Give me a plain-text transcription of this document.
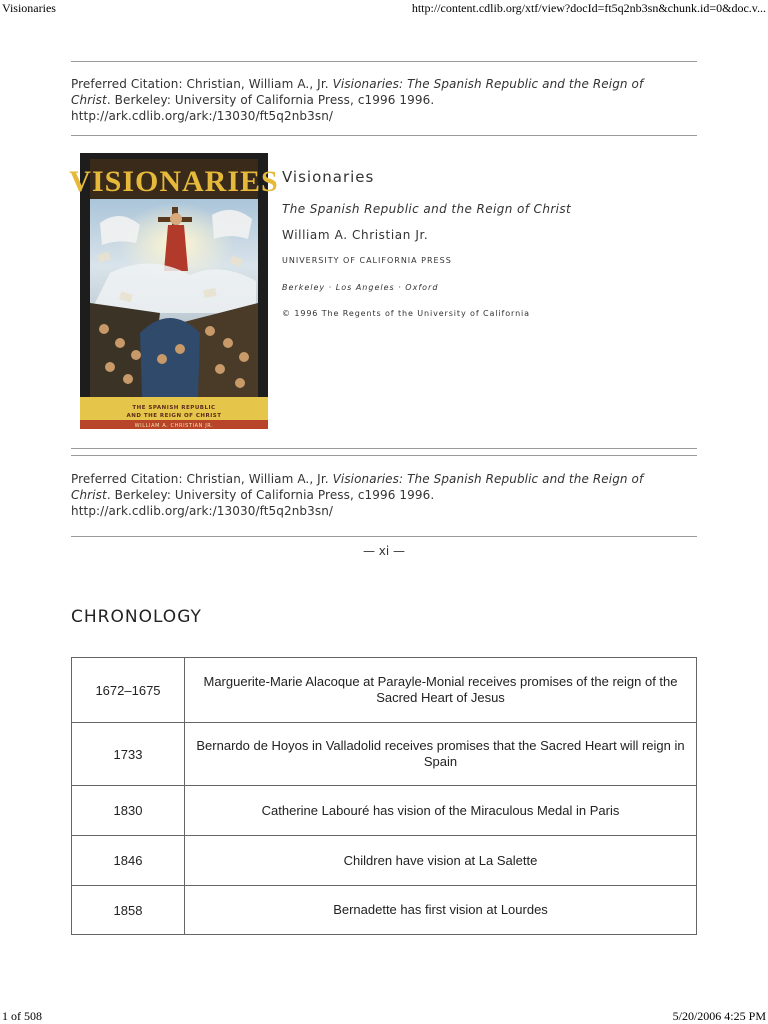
Visionaries	http://content.cdlib.org/xtf/view?docId=ft5q2nb3sn&chunk.id=0&doc.v...
Preferred Citation: Christian, William A., Jr. Visionaries: The Spanish Republic and the Reign of
Christ. Berkeley: University of California Press, c1996 1996.
http://ark.cdlib.org/ark:/13030/ft5q2nb3sn/
VISIONARIES
THE SPANISH REPUBLIC
AND THE REIGN OF CHRIST
WILLIAM A. CHRISTIAN JR.
Visionaries
The Spanish Republic and the Reign of Christ
William A. Christian Jr.
UNIVERSITY OF CALIFORNIA PRESS
Berkeley · Los Angeles · Oxford
© 1996 The Regents of the University of California
Preferred Citation: Christian, William A., Jr. Visionaries: The Spanish Republic and the Reign of
Christ. Berkeley: University of California Press, c1996 1996.
http://ark.cdlib.org/ark:/13030/ft5q2nb3sn/
— xi —
CHRONOLOGY
1672–1675	Marguerite-Marie Alacoque at Parayle-Monial receives promises of the reign of the Sacred Heart of Jesus
1733	Bernardo de Hoyos in Valladolid receives promises that the Sacred Heart will reign in Spain
1830	Catherine Labouré has vision of the Miraculous Medal in Paris
1846	Children have vision at La Salette
1858	Bernadette has first vision at Lourdes
1 of 508	5/20/2006 4:25 PM
